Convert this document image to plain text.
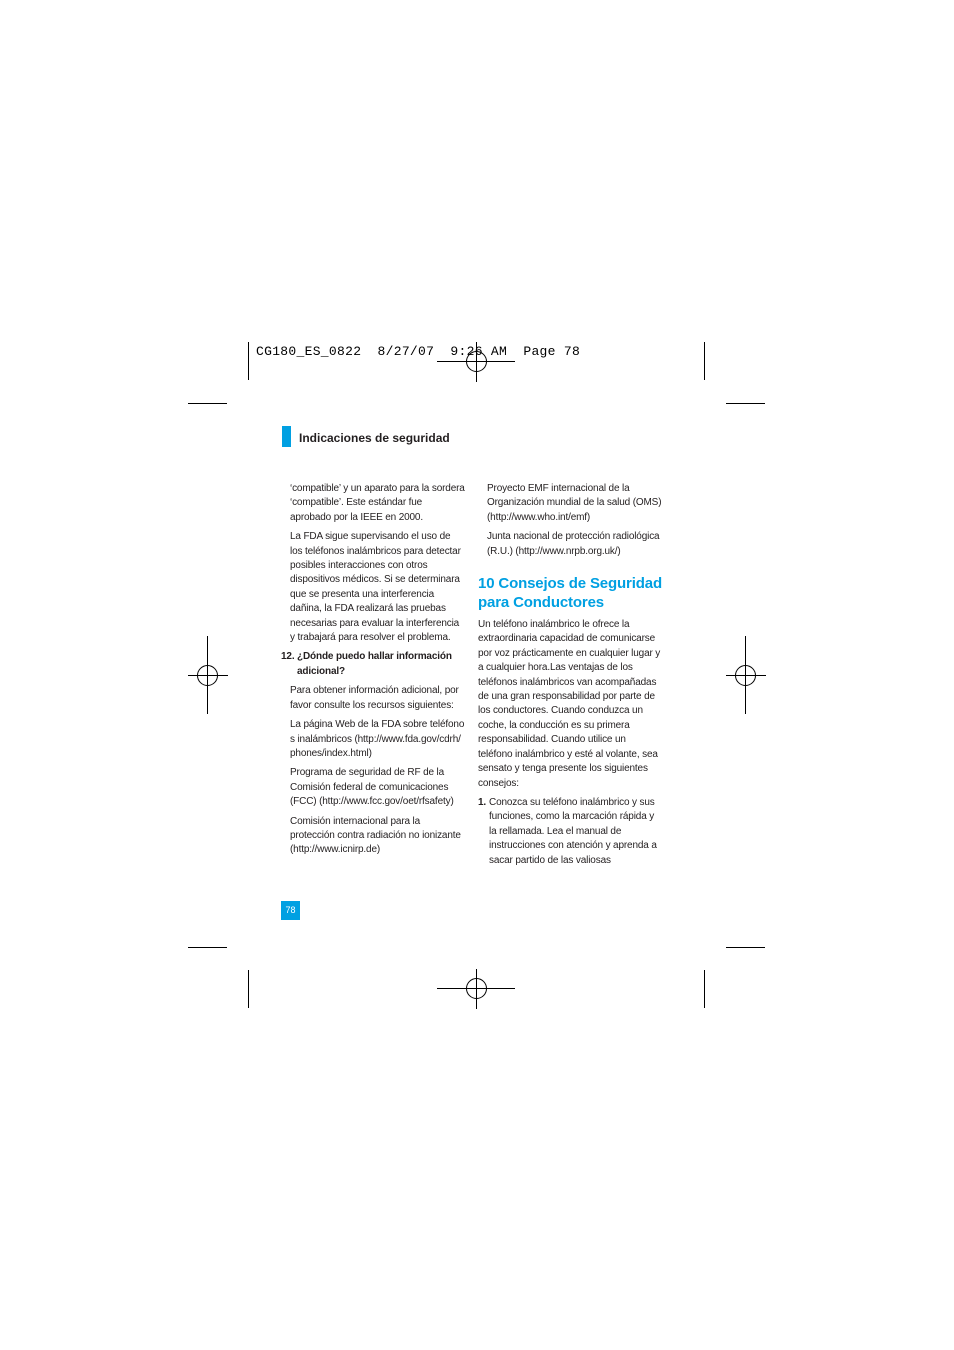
CG180_ES_0822  8/27/07  9:26 AM  Page 78
Indicaciones de seguridad

‘compatible’ y un aparato para la sordera ‘compatible’. Este estándar fue aprobado por la IEEE en 2000.

La FDA sigue supervisando el uso de los teléfonos inalámbricos para detectar posibles interacciones con otros dispositivos médicos. Si se determinara que se presenta una interferencia dañina, la FDA realizará las pruebas necesarias para evaluar la interferencia y trabajará para resolver el problema.

12. ¿Dónde puedo hallar información adicional?

Para obtener información adicional, por favor consulte los recursos siguientes:

La página Web de la FDA sobre teléfonos inalámbricos (http://www.fda.gov/cdrh/phones/index.html)

Programa de seguridad de RF de la Comisión federal de comunicaciones (FCC) (http://www.fcc.gov/oet/rfsafety)

Comisión internacional para la protección contra radiación no ionizante (http://www.icnirp.de)

Proyecto EMF internacional de la Organización mundial de la salud (OMS) (http://www.who.int/emf)

Junta nacional de protección radiológica (R.U.) (http://www.nrpb.org.uk/)

10 Consejos de Seguridad para Conductores

Un teléfono inalámbrico le ofrece la extraordinaria capacidad de comunicarse por voz prácticamente en cualquier lugar y a cualquier hora.Las ventajas de los teléfonos inalámbricos van acompañadas de una gran responsabilidad por parte de los conductores. Cuando conduzca un coche, la conducción es su primera responsabilidad. Cuando utilice un teléfono inalámbrico y esté al volante, sea sensato y tenga presente los siguientes consejos:

1. Conozca su teléfono inalámbrico y sus funciones, como la marcación rápida y la rellamada. Lea el manual de instrucciones con atención y aprenda a sacar partido de las valiosas

78
